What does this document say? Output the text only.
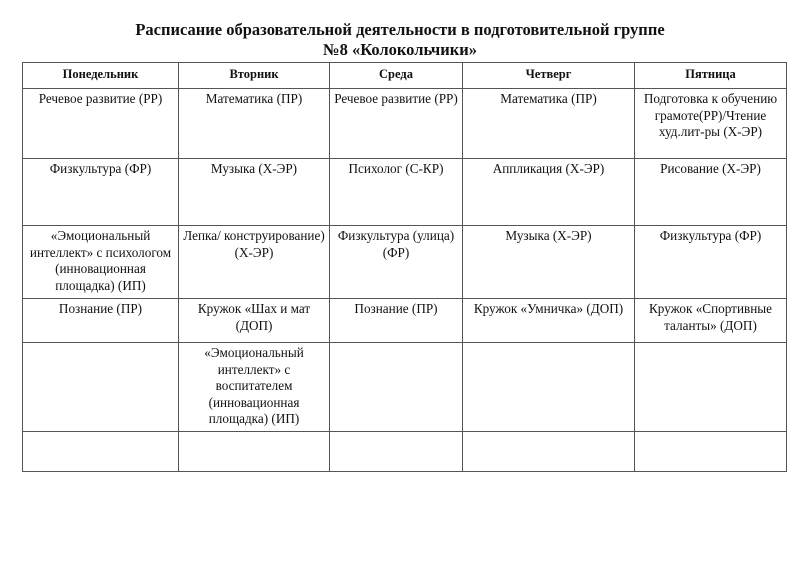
Расписание образовательной деятельности в подготовительной группе
№8 «Колокольчики»
Понедельник	Вторник	Среда	Четверг	Пятница
Речевое развитие (РР)	Математика (ПР)	Речевое развитие (РР)	Математика (ПР)	Подготовка к обучению грамоте(РР)/Чтение худ.лит-ры (Х-ЭР)
Физкультура (ФР)	Музыка (Х-ЭР)	Психолог (С-КР)	Аппликация (Х-ЭР)	Рисование (Х-ЭР)
«Эмоциональный интеллект» с психологом (инновационная площадка) (ИП)	Лепка/ конструирование) (Х-ЭР)	Физкультура (улица) (ФР)	Музыка (Х-ЭР)	Физкультура (ФР)
Познание (ПР)	Кружок «Шах и мат (ДОП)	Познание (ПР)	Кружок «Умничка» (ДОП)	Кружок «Спортивные таланты» (ДОП)
	«Эмоциональный интеллект» с воспитателем (инновационная площадка) (ИП)			
